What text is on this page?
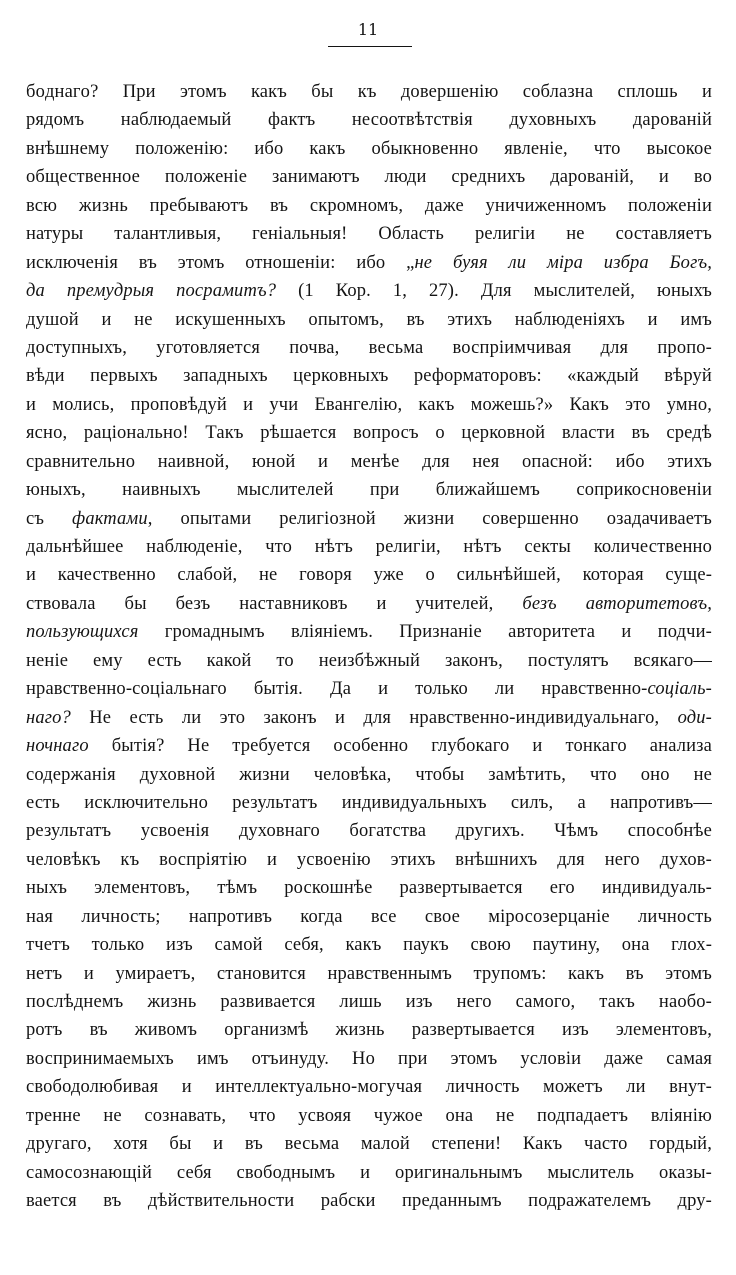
11
бoднaгo? При этомъ какъ бы къ довершенію соблазна сплошь и
рядомъ наблюдаемый фактъ несоотвѣтствія духовныхъ дарованій
внѣшнему положенію: ибо какъ обыкновенно явленіе, что высокое
общественное положеніе занимаютъ люди среднихъ дарованій, и во
всю жизнь пребываютъ въ скромномъ, даже уничиженномъ положеніи
натуры талантливыя, геніальныя! Область религіи не составляетъ
исключенія въ этомъ отношеніи: ибо „не буяя ли міра избра Богъ,
да премудрыя посрамитъ? (1 Кор. 1, 27). Для мыслителей, юныхъ
душой и не искушенныхъ опытомъ, въ этихъ наблюденіяхъ и имъ
доступныхъ, уготовляется почва, весьма воспріимчивая для пропо-
вѣди первыхъ западныхъ церковныхъ реформаторовъ: «каждый вѣруй
и молись, проповѣдуй и учи Евангелію, какъ можешь?» Какъ это умно,
ясно, раціонально! Такъ рѣшается вопросъ о церковной власти въ средѣ
сравнительно наивной, юной и менѣе для нея опасной: ибо этихъ
юныхъ, наивныхъ мыслителей при ближайшемъ соприкосновеніи
съ фактами, опытами религіозной жизни совершенно озадачиваетъ
дальнѣйшее наблюденіе, что нѣтъ религіи, нѣтъ секты количественно
и качественно слабой, не говоря уже о сильнѣйшей, которая суще-
ствовала бы безъ наставниковъ и учителей, безъ авторитетовъ,
пользующихся громаднымъ вліяніемъ. Признаніе авторитета и подчи-
неніе ему есть какой то неизбѣжный законъ, постулятъ всякаго—
нравственно-соціальнаго бытія. Да и только ли нравственно-соціаль-
наго? Не есть ли это законъ и для нравственно-индивидуальнаго, оди-
ночнаго бытія? Не требуется особенно глубокаго и тонкаго анализа
содержанія духовной жизни человѣка, чтобы замѣтить, что оно не
есть исключительно результатъ индивидуальныхъ силъ, а напротивъ—
результатъ усвоенія духовнаго богатства другихъ. Чѣмъ способнѣе
человѣкъ къ воспріятію и усвоенію этихъ внѣшнихъ для него духов-
ныхъ элементовъ, тѣмъ роскошнѣе развертывается его индивидуаль-
ная личность; напротивъ когда все свое міросозерцаніе личность
тчетъ только изъ самой себя, какъ паукъ свою паутину, она глох-
нетъ и умираетъ, становится нравственнымъ трупомъ: какъ въ этомъ
послѣднемъ жизнь развивается лишь изъ него самого, такъ наобо-
ротъ въ живомъ организмѣ жизнь развертывается изъ элементовъ,
воспринимаемыхъ имъ отъинуду. Но при этомъ условіи даже самая
свободолюбивая и интеллектуально-могучая личность можетъ ли внут-
тренне не сознавать, что усвояя чужое она не подпадаетъ вліянію
другаго, хотя бы и въ весьма малой степени! Какъ часто гордый,
самосознающій себя свободнымъ и оригинальнымъ мыслитель оказы-
вается въ дѣйствительности рабски преданнымъ подражателемъ дру-
